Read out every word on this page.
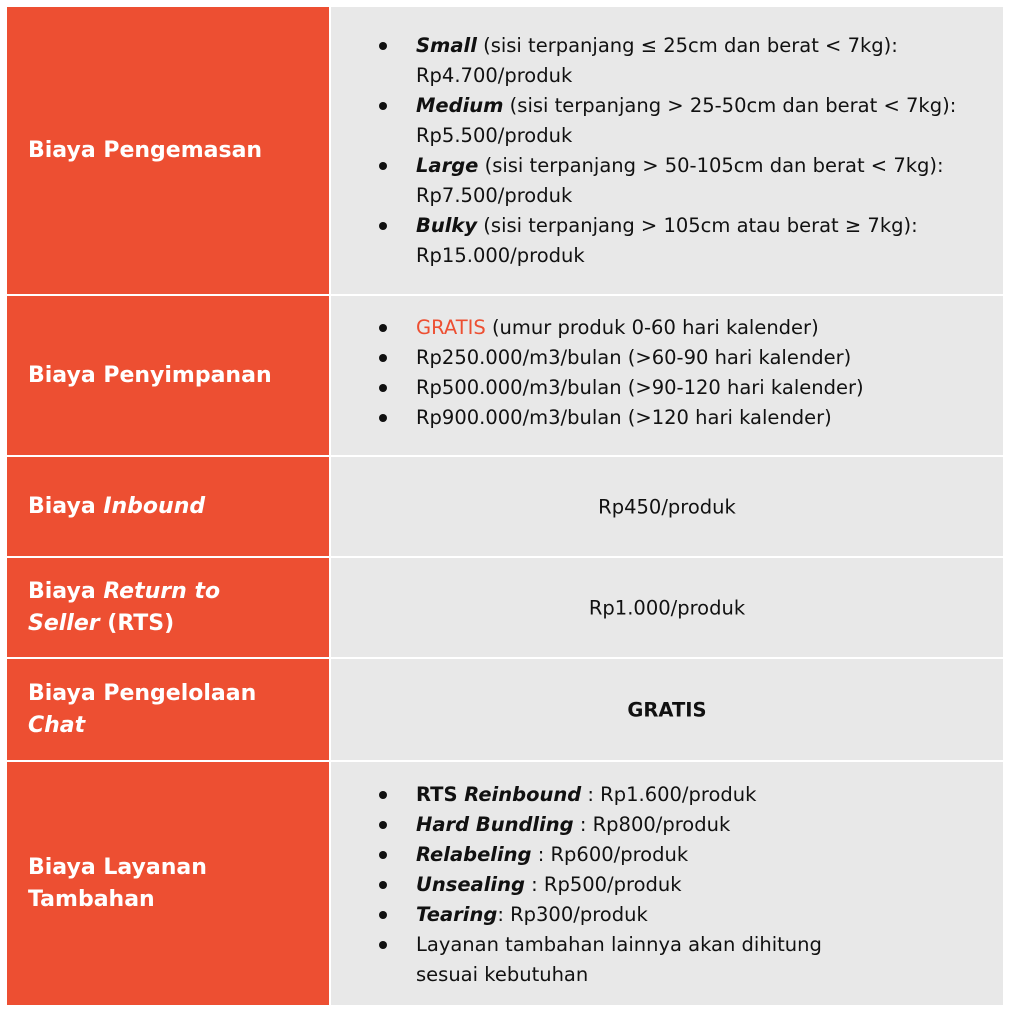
Biaya Pengemasan
Small (sisi terpanjang ≤ 25cm dan berat < 7kg):
Rp4.700/produk
Medium (sisi terpanjang > 25-50cm dan berat < 7kg):
Rp5.500/produk
Large (sisi terpanjang > 50-105cm dan berat < 7kg):
Rp7.500/produk
Bulky (sisi terpanjang > 105cm atau berat ≥ 7kg):
Rp15.000/produk
Biaya Penyimpanan
GRATIS (umur produk 0-60 hari kalender)
Rp250.000/m3/bulan (>60-90 hari kalender)
Rp500.000/m3/bulan (>90-120 hari kalender)
Rp900.000/m3/bulan (>120 hari kalender)
Biaya Inbound	Rp450/produk
Biaya Return to Seller (RTS)
Rp1.000/produk
Biaya Pengelolaan Chat
GRATIS
Biaya Layanan
Tambahan
RTS Reinbound : Rp1.600/produk
Hard Bundling : Rp800/produk
Relabeling : Rp600/produk
Unsealing : Rp500/produk
Tearing: Rp300/produk
Layanan tambahan lainnya akan dihitung
sesuai kebutuhan
